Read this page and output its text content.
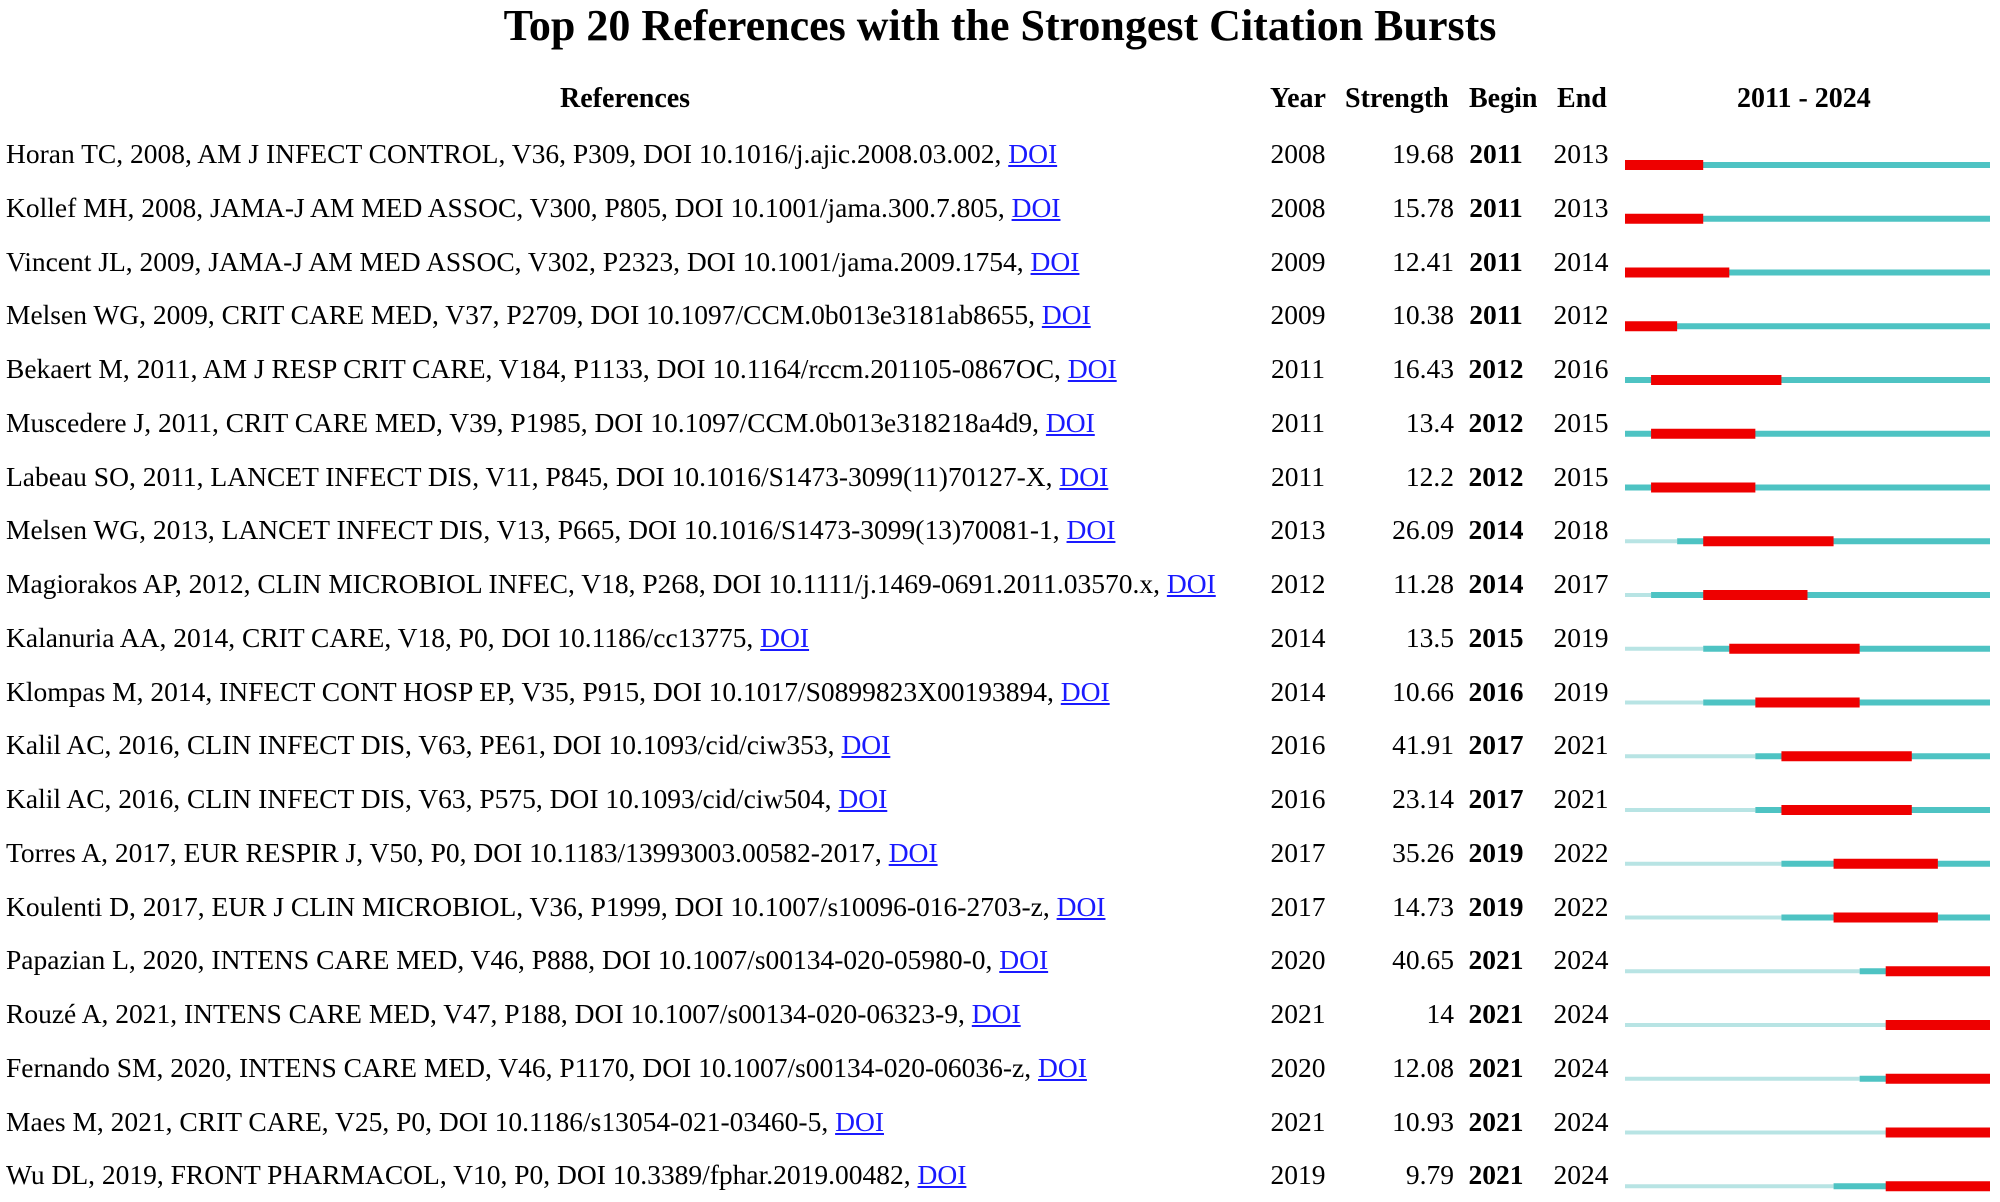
Top 20 References with the Strongest Citation Bursts
References	Year Strength Begin End	2011 - 2024
Horan TC, 2008, AM J INFECT CONTROL, V36, P309, DOI 10.1016/j.ajic.2008.03.002, DOI	2008	19.68 2011 2013
Kollef MH, 2008, JAMA-J AM MED ASSOC, V300, P805, DOI 10.1001/jama.300.7.805, DOI	2008	15.78 2011 2013
Vincent JL, 2009, JAMA-J AM MED ASSOC, V302, P2323, DOI 10.1001/jama.2009.1754, DOI	2009	12.41 2011 2014
Melsen WG, 2009, CRIT CARE MED, V37, P2709, DOI 10.1097/CCM.0b013e3181ab8655, DOI	2009	10.38 2011 2012
Bekaert M, 2011, AM J RESP CRIT CARE, V184, P1133, DOI 10.1164/rccm.201105-0867OC, DOI	2011	16.43 2012 2016
Muscedere J, 2011, CRIT CARE MED, V39, P1985, DOI 10.1097/CCM.0b013e318218a4d9, DOI	2011	13.4 2012 2015
Labeau SO, 2011, LANCET INFECT DIS, V11, P845, DOI 10.1016/S1473-3099(11)70127-X, DOI	2011	12.2 2012 2015
Melsen WG, 2013, LANCET INFECT DIS, V13, P665, DOI 10.1016/S1473-3099(13)70081-1, DOI	2013	26.09 2014 2018
Magiorakos AP, 2012, CLIN MICROBIOL INFEC, V18, P268, DOI 10.1111/j.1469-0691.2011.03570.x, DOI 2012	11.28 2014 2017
Kalanuria AA, 2014, CRIT CARE, V18, P0, DOI 10.1186/cc13775, DOI	2014	13.5 2015 2019
Klompas M, 2014, INFECT CONT HOSP EP, V35, P915, DOI 10.1017/S0899823X00193894, DOI	2014	10.66 2016 2019
Kalil AC, 2016, CLIN INFECT DIS, V63, PE61, DOI 10.1093/cid/ciw353, DOI	2016	41.91 2017 2021
Kalil AC, 2016, CLIN INFECT DIS, V63, P575, DOI 10.1093/cid/ciw504, DOI	2016	23.14 2017 2021
Torres A, 2017, EUR RESPIR J, V50, P0, DOI 10.1183/13993003.00582-2017, DOI	2017	35.26 2019 2022
Koulenti D, 2017, EUR J CLIN MICROBIOL, V36, P1999, DOI 10.1007/s10096-016-2703-z, DOI	2017	14.73 2019 2022
Papazian L, 2020, INTENS CARE MED, V46, P888, DOI 10.1007/s00134-020-05980-0, DOI	2020	40.65 2021 2024
Rouzé A, 2021, INTENS CARE MED, V47, P188, DOI 10.1007/s00134-020-06323-9, DOI	2021	14 2021 2024
Fernando SM, 2020, INTENS CARE MED, V46, P1170, DOI 10.1007/s00134-020-06036-z, DOI	2020	12.08 2021 2024
Maes M, 2021, CRIT CARE, V25, P0, DOI 10.1186/s13054-021-03460-5, DOI	2021	10.93 2021 2024
Wu DL, 2019, FRONT PHARMACOL, V10, P0, DOI 10.3389/fphar.2019.00482, DOI	2019	9.79 2021 2024
